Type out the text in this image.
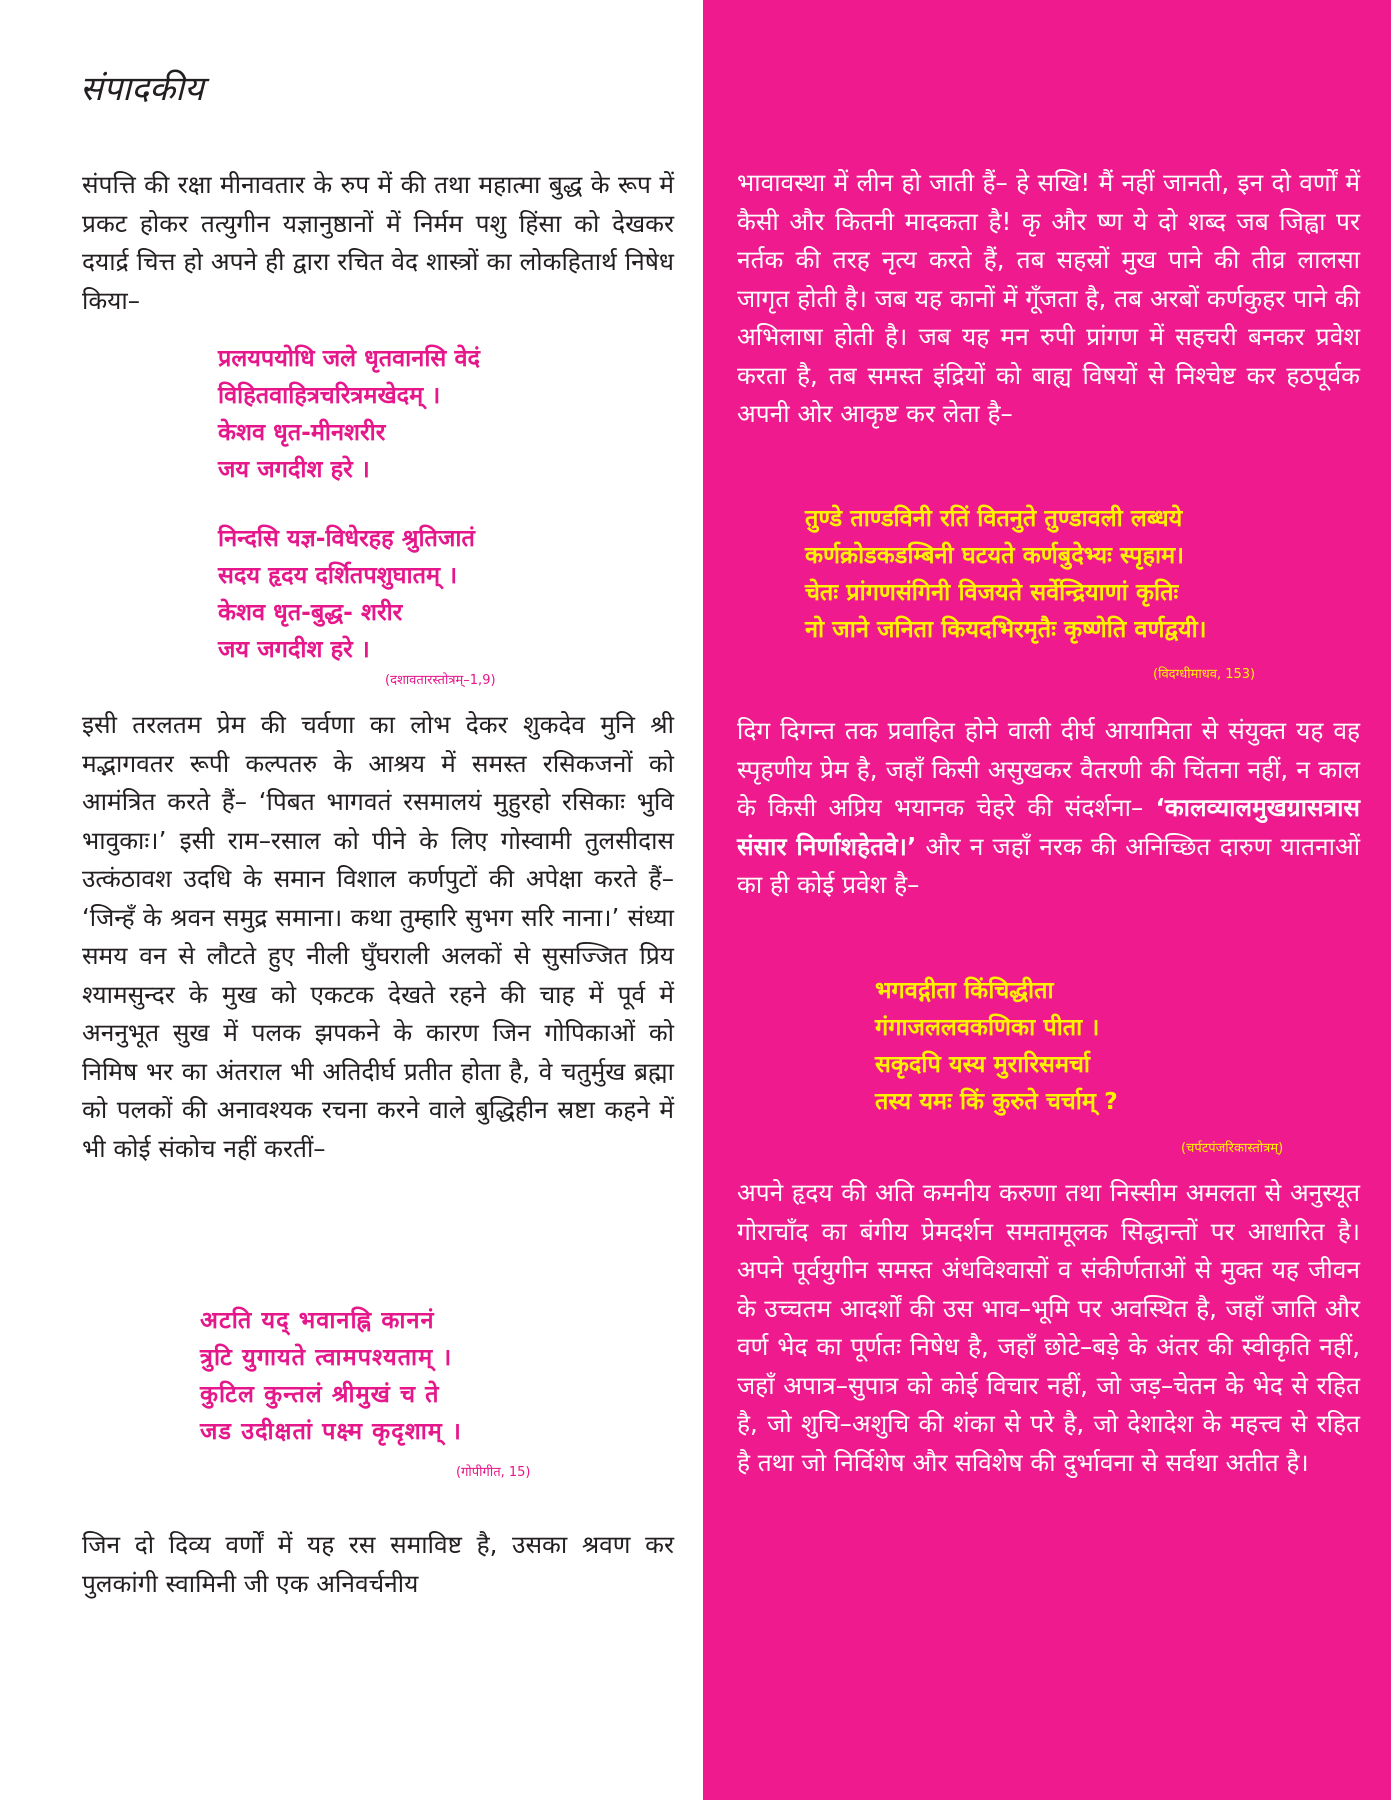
संपादकीय

संपत्ति की रक्षा मीनावतार के रुप में की तथा महात्मा बुद्ध के रूप में प्रकट होकर तत्युगीन यज्ञानुष्ठानों में निर्मम पशु हिंसा को देखकर दयार्द्र चित्त हो अपने ही द्वारा रचित वेद शास्त्रों का लोकहितार्थ निषेध किया–

प्रलयपयोधि जले धृतवानसि वेदं
विहितवाहित्रचरित्रमखेदम् ।
केशव धृत-मीनशरीर
जय जगदीश हरे ।
निन्दसि यज्ञ-विधेरहह श्रुतिजातं
सदय हृदय दर्शितपशुघातम् ।
केशव धृत-बुद्ध- शरीर
जय जगदीश हरे ।
(दशावतारस्तोत्रम्–1,9)

इसी तरलतम प्रेम की चर्वणा का लोभ देकर शुकदेव मुनि श्री मद्भागवतर रूपी कल्पतरु के आश्रय में समस्त रसिकजनों को आमंत्रित करते हैं– ‘पिबत भागवतं रसमालयं मुहुरहो रसिकाः भुवि भावुकाः।’ इसी राम–रसाल को पीने के लिए गोस्वामी तुलसीदास उत्कंठावश उदधि के समान विशाल कर्णपुटों की अपेक्षा करते हैं– ‘जिन्हँ के श्रवन समुद्र समाना। कथा तुम्हारि सुभग सरि नाना।’ संध्या समय वन से लौटते हुए नीली घुँघराली अलकों से सुसज्जित प्रिय श्यामसुन्दर के मुख को एकटक देखते रहने की चाह में पूर्व में अननुभूत सुख में पलक झपकने के कारण जिन गोपिकाओं को निमिष भर का अंतराल भी अतिदीर्घ प्रतीत होता है, वे चतुर्मुख ब्रह्मा को पलकों की अनावश्यक रचना करने वाले बुद्धिहीन स्रष्टा कहने में भी कोई संकोच नहीं करतीं–

अटति यद् भवानह्नि काननं
त्रुटि युगायते त्वामपश्यताम् ।
कुटिल कुन्तलं श्रीमुखं च ते
जड उदीक्षतां पक्ष्म कृदृशाम् ।
(गोपीगीत, 15)

जिन दो दिव्य वर्णों में यह रस समाविष्ट है, उसका श्रवण कर पुलकांगी स्वामिनी जी एक अनिवर्चनीय

भावावस्था में लीन हो जाती हैं– हे सखि! मैं नहीं जानती, इन दो वर्णों में कैसी और कितनी मादकता है! कृ और ष्ण ये दो शब्द जब जिह्वा पर नर्तक की तरह नृत्य करते हैं, तब सहस्रों मुख पाने की तीव्र लालसा जागृत होती है। जब यह कानों में गूँजता है, तब अरबों कर्णकुहर पाने की अभिलाषा होती है। जब यह मन रुपी प्रांगण में सहचरी बनकर प्रवेश करता है, तब समस्त इंद्रियों को बाह्य विषयों से निश्चेष्ट कर हठपूर्वक अपनी ओर आकृष्ट कर लेता है–

तुण्डे ताण्डविनी रतिं वितनुते तुण्डावली लब्धये
कर्णक्रोडकडम्बिनी घटयते कर्णबुदेभ्यः स्पृहाम।
चेतः प्रांगणसंगिनी विजयते सर्वेन्द्रियाणां कृतिः
नो जाने जनिता कियदभिरमृतैः कृष्णेति वर्णद्वयी।
(विदग्धीमाधव, 153)

दिग दिगन्त तक प्रवाहित होने वाली दीर्घ आयामिता से संयुक्त यह वह स्पृहणीय प्रेम है, जहाँ किसी असुखकर वैतरणी की चिंतना नहीं, न काल के किसी अप्रिय भयानक चेहरे की संदर्शना– ‘कालव्यालमुखग्रासत्रास संसार निर्णाशहेतवे।’ और न जहाँ नरक की अनिच्छित दारुण यातनाओं का ही कोई प्रवेश है–

भगवद्गीता किंचिद्धीता
गंगाजललवकणिका पीता ।
सकृदपि यस्य मुरारिसमर्चा
तस्य यमः किं कुरुते चर्चाम् ?
(चर्पटपंजरिकास्तोत्रम्)

अपने हृदय की अति कमनीय करुणा तथा निस्सीम अमलता से अनुस्यूत गोराचाँद का बंगीय प्रेमदर्शन समतामूलक सिद्धान्तों पर आधारित है। अपने पूर्वयुगीन समस्त अंधविश्वासों व संकीर्णताओं से मुक्त यह जीवन के उच्चतम आदर्शों की उस भाव–भूमि पर अवस्थित है, जहाँ जाति और वर्ण भेद का पूर्णतः निषेध है, जहाँ छोटे–बड़े के अंतर की स्वीकृति नहीं, जहाँ अपात्र–सुपात्र को कोई विचार नहीं, जो जड़–चेतन के भेद से रहित है, जो शुचि–अशुचि की शंका से परे है, जो देशादेश के महत्त्व से रहित है तथा जो निर्विशेष और सविशेष की दुर्भावना से सर्वथा अतीत है।
